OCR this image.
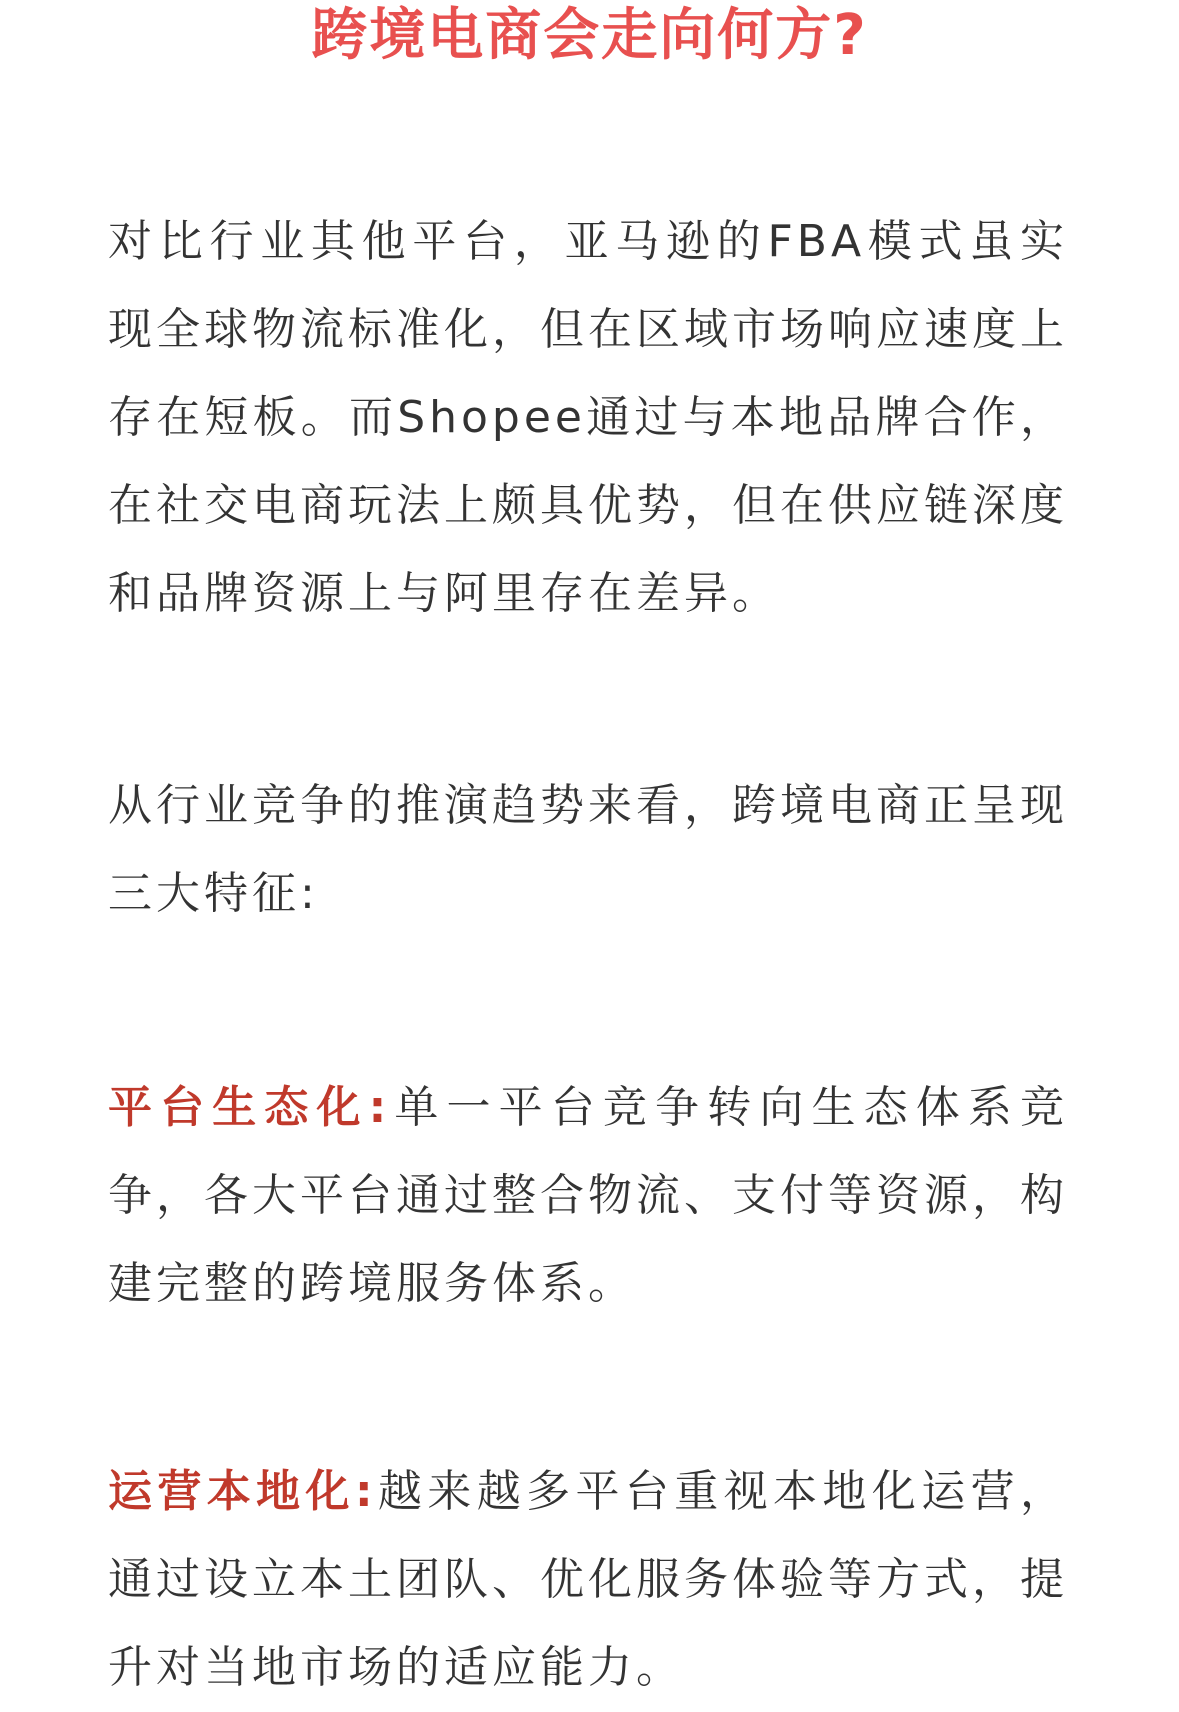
跨境电商会走向何方?

对比行业其他平台，亚马逊的FBA模式虽实现全球物流标准化，但在区域市场响应速度上存在短板。而Shopee通过与本地品牌合作，在社交电商玩法上颇具优势，但在供应链深度和品牌资源上与阿里存在差异。

从行业竞争的推演趋势来看，跨境电商正呈现三大特征:

平台生态化:单一平台竞争转向生态体系竞争，各大平台通过整合物流、支付等资源，构建完整的跨境服务体系。

运营本地化:越来越多平台重视本地化运营，通过设立本土团队、优化服务体验等方式，提升对当地市场的适应能力。
